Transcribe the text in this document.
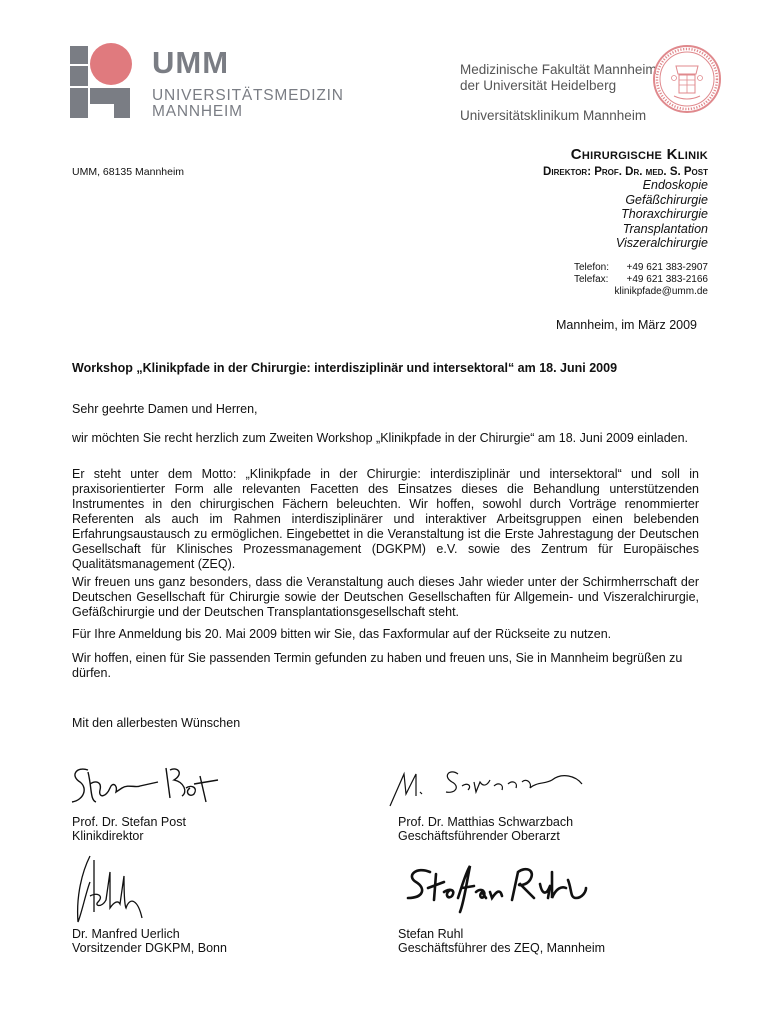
UMM
UNIVERSITÄTSMEDIZIN
MANNHEIM
Medizinische Fakultät Mannheim
der Universität Heidelberg
Universitätsklinikum Mannheim
UMM, 68135 Mannheim
Chirurgische Klinik
Direktor: Prof. Dr. med. S. Post
Endoskopie
Gefäßchirurgie
Thoraxchirurgie
Transplantation
Viszeralchirurgie
Telefon: +49 621 383-2907
Telefax: +49 621 383-2166
klinikpfade@umm.de
Mannheim, im März 2009
Workshop „Klinikpfade in der Chirurgie: interdisziplinär und intersektoral“ am 18. Juni 2009
Sehr geehrte Damen und Herren,
wir möchten Sie recht herzlich zum Zweiten Workshop „Klinikpfade in der Chirurgie“ am 18. Juni 2009 einladen.
Er steht unter dem Motto: „Klinikpfade in der Chirurgie: interdisziplinär und intersektoral“ und soll in praxisorientierter Form alle relevanten Facetten des Einsatzes dieses die Behandlung unterstützenden Instrumentes in den chirurgischen Fächern beleuchten. Wir hoffen, sowohl durch Vorträge renommierter Referenten als auch im Rahmen interdisziplinärer und interaktiver Arbeitsgruppen einen belebenden Erfahrungsaustausch zu ermöglichen. Eingebettet in die Veranstaltung ist die Erste Jahrestagung der Deutschen Gesellschaft für Klinisches Prozessmanagement (DGKPM) e.V. sowie des Zentrum für Europäisches Qualitätsmanagement (ZEQ).
Wir freuen uns ganz besonders, dass die Veranstaltung auch dieses Jahr wieder unter der Schirmherrschaft der Deutschen Gesellschaft für Chirurgie sowie der Deutschen Gesellschaften für Allgemein- und Viszeralchirurgie, Gefäßchirurgie und der Deutschen Transplantationsgesellschaft steht.
Für Ihre Anmeldung bis 20. Mai 2009 bitten wir Sie, das Faxformular auf der Rückseite zu nutzen.
Wir hoffen, einen für Sie passenden Termin gefunden zu haben und freuen uns, Sie in Mannheim begrüßen zu dürfen.
Mit den allerbesten Wünschen
Prof. Dr. Stefan Post
Klinikdirektor
Prof. Dr. Matthias Schwarzbach
Geschäftsführender Oberarzt
Dr. Manfred Uerlich
Vorsitzender DGKPM, Bonn
Stefan Ruhl
Geschäftsführer des ZEQ, Mannheim
